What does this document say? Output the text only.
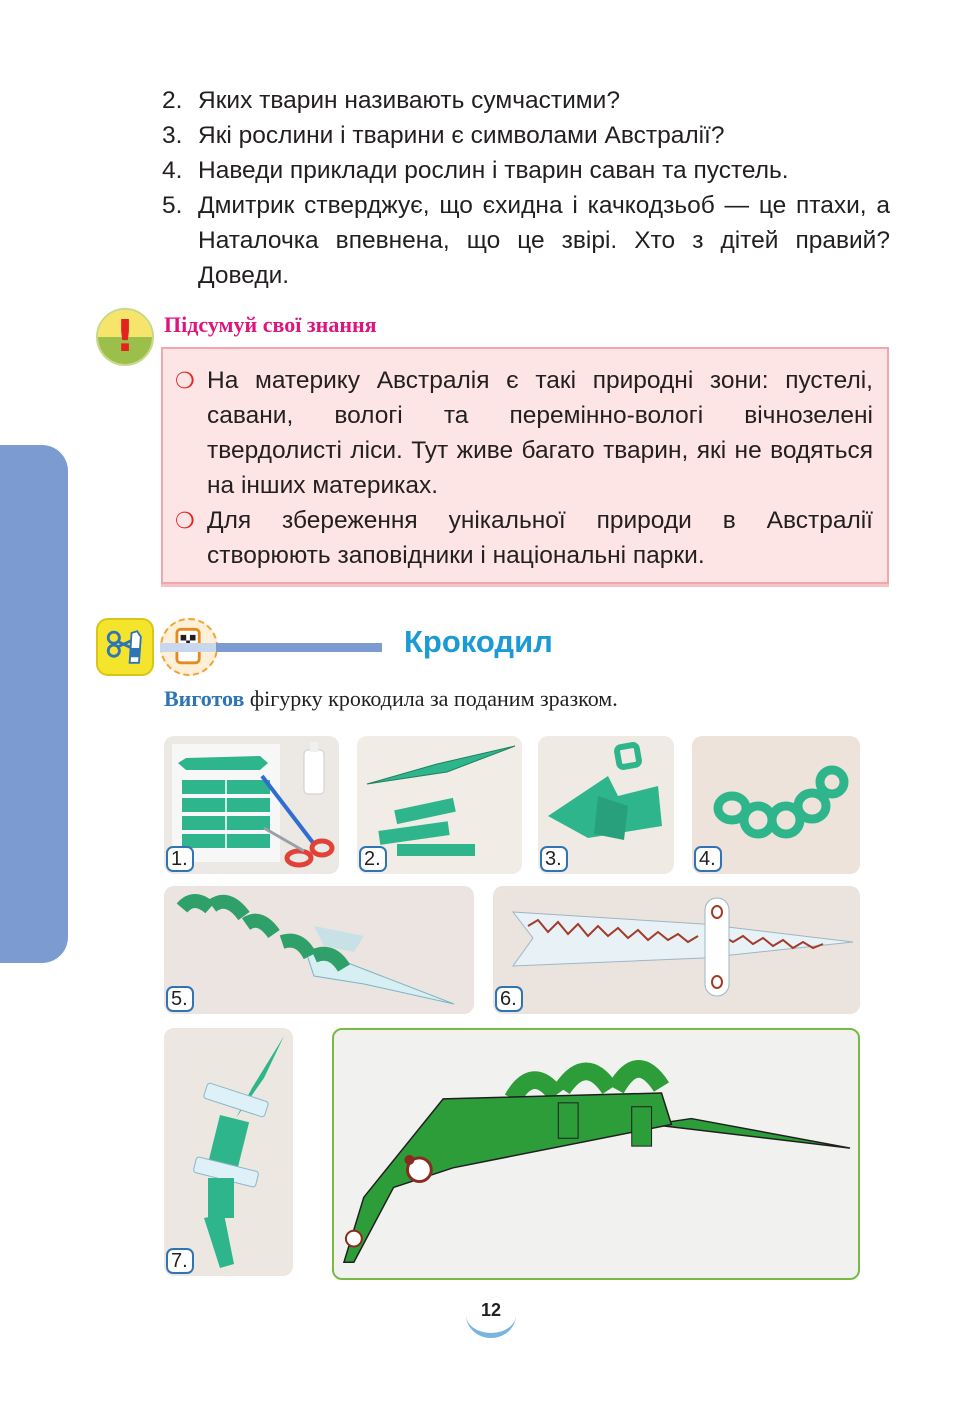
2. Яких тварин називають сумчастими?
3. Які рослини і тварини є символами Австралії?
4. Наведи приклади рослин і тварин саван та пустель.
5. Дмитрик стверджує, що єхидна і качкодзьоб — це птахи, а Наталочка впевнена, що це звірі. Хто з дітей правий? Доведи.
!	Підсумуй свої знання
❍ На материку Австралія є такі природні зони: пустелі, савани, вологі та перемінно-вологі вічнозелені твердолисті ліси. Тут живе багато тварин, які не водяться на інших материках.
❍ Для збереження унікальної природи в Австралії створюють заповідники і національні парки.
Крокодил
Виготов фігурку крокодила за поданим зразком.
1.	2.	3.	4.
5.	6.
7.
12
